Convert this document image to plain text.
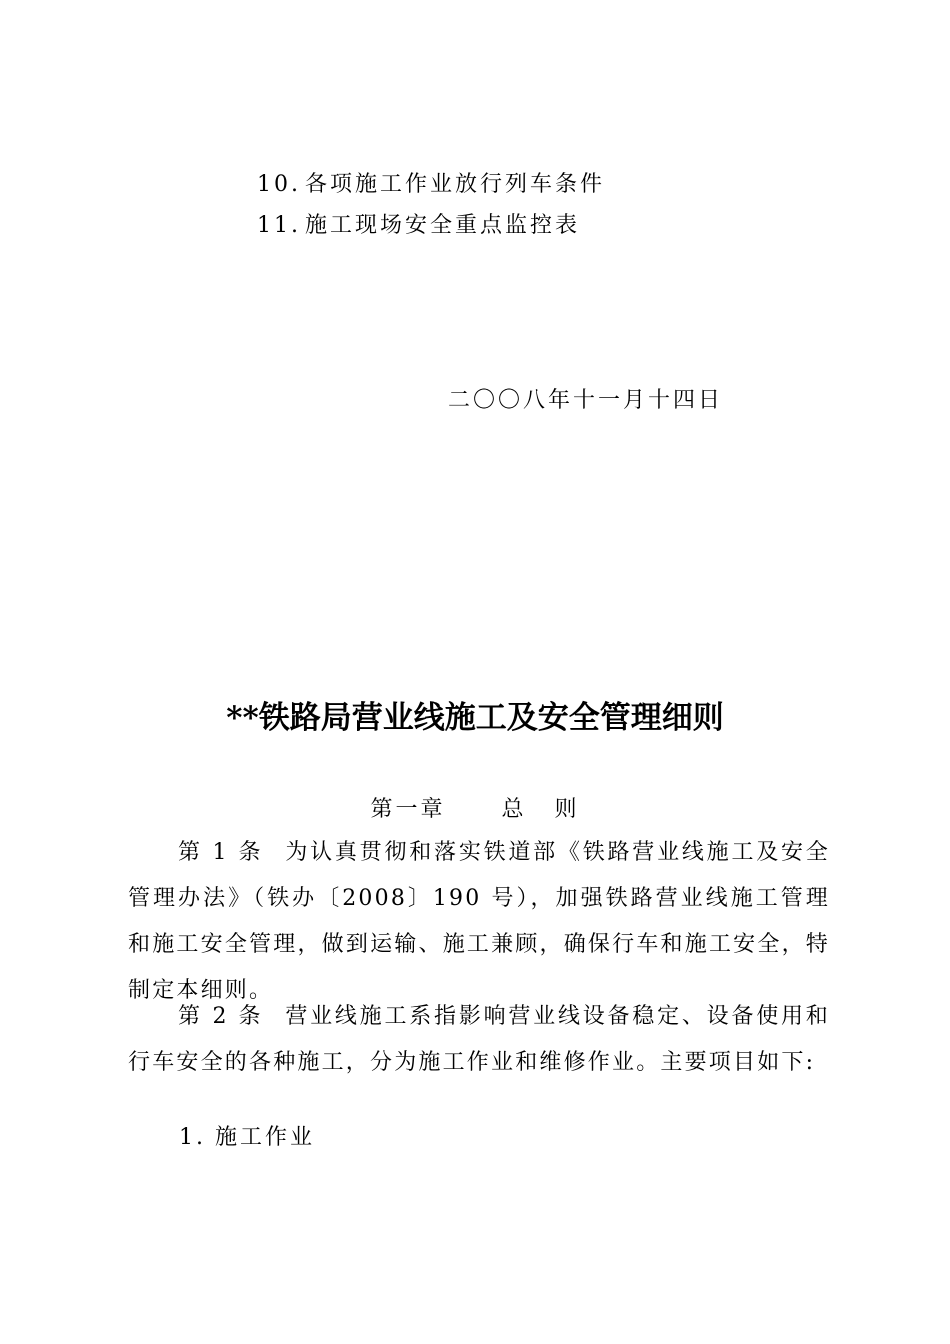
10. 各项施工作业放行列车条件
11. 施工现场安全重点监控表
二〇〇八年十一月十四日
**铁路局营业线施工及安全管理细则
第一章	总 则
第 1 条 为认真贯彻和落实铁道部《铁路营业线施工及安全管理办法》（铁办〔2008〕190 号），加强铁路营业线施工管理和施工安全管理，做到运输、施工兼顾，确保行车和施工安全，特制定本细则。
第 2 条 营业线施工系指影响营业线设备稳定、设备使用和行车安全的各种施工，分为施工作业和维修作业。主要项目如下:
1. 施工作业
